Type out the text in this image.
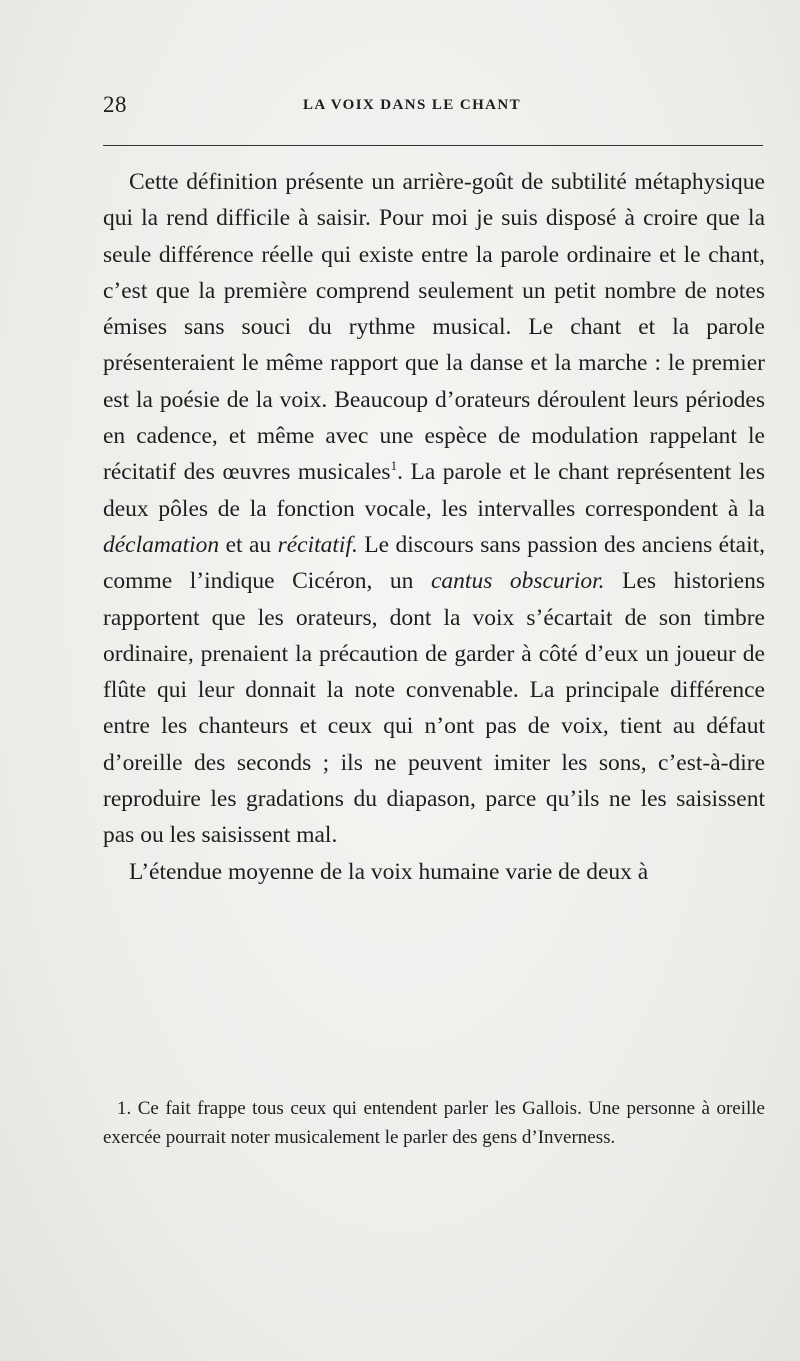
28	LA VOIX DANS LE CHANT

Cette définition présente un arrière-goût de subtilité métaphysique qui la rend difficile à saisir. Pour moi je suis disposé à croire que la seule différence réelle qui existe entre la parole ordinaire et le chant, c’est que la première comprend seulement un petit nombre de notes émises sans souci du rythme musical. Le chant et la parole présenteraient le même rapport que la danse et la marche : le premier est la poésie de la voix. Beaucoup d’orateurs déroulent leurs périodes en cadence, et même avec une espèce de modulation rappelant le récitatif des œuvres musicales$^1$. La parole et le chant représentent les deux pôles de la fonction vocale, les intervalles correspondent à la déclamation et au récitatif. Le discours sans passion des anciens était, comme l’indique Cicéron, un cantus obscurior. Les historiens rapportent que les orateurs, dont la voix s’écartait de son timbre ordinaire, prenaient la précaution de garder à côté d’eux un joueur de flûte qui leur donnait la note convenable. La principale différence entre les chanteurs et ceux qui n’ont pas de voix, tient au défaut d’oreille des seconds ; ils ne peuvent imiter les sons, c’est-à-dire reproduire les gradations du diapason, parce qu’ils ne les saisissent pas ou les saisissent mal.

L’étendue moyenne de la voix humaine varie de deux à

1. Ce fait frappe tous ceux qui entendent parler les Gallois. Une personne à oreille exercée pourrait noter musicalement le parler des gens d’Inverness.
